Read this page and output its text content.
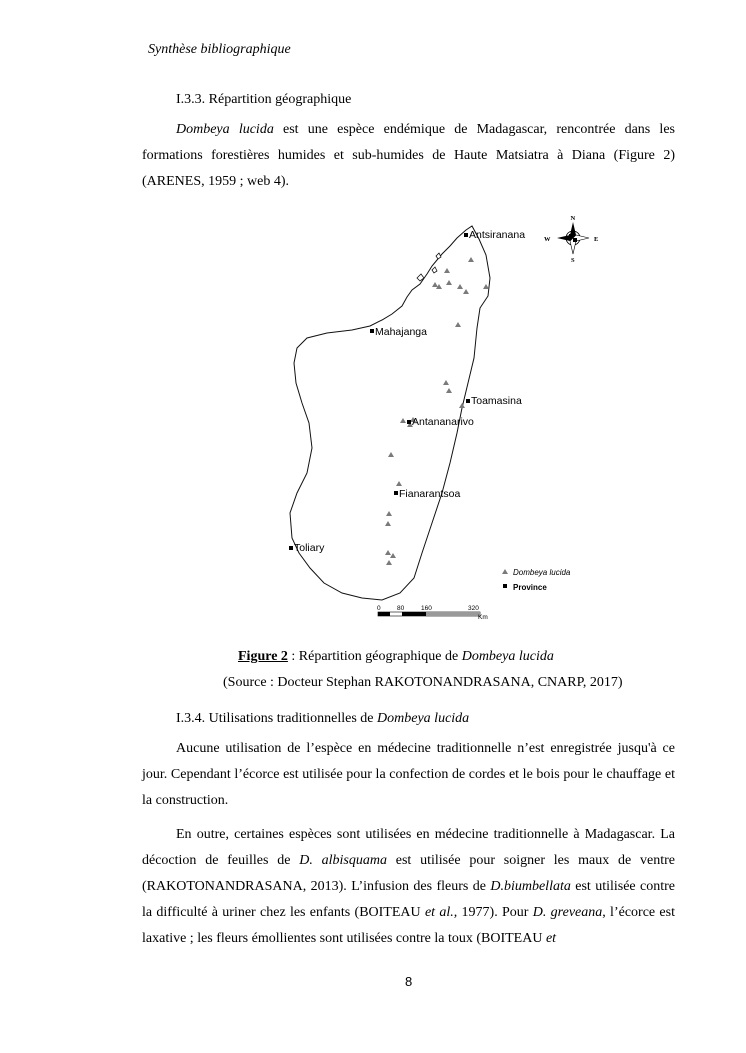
Synthèse bibliographique
I.3.3. Répartition géographique

Dombeya lucida est une espèce endémique de Madagascar, rencontrée dans les formations forestières humides et sub-humides de Haute Matsiatra à Diana (Figure 2) (ARENES, 1959 ; web 4).

Antsiranana
Mahajanga
Toamasina
Antananarivo
Fianarantsoa
Toliary
N
S
E
W
Dombeya lucida
Province
0	80	160	320
Km
Figure 2 : Répartition géographique de Dombeya lucida
(Source : Docteur Stephan RAKOTONANDRASANA, CNARP, 2017)
I.3.4. Utilisations traditionnelles de Dombeya lucida

Aucune utilisation de l’espèce en médecine traditionnelle n’est enregistrée jusqu'à ce jour. Cependant l’écorce est utilisée pour la confection de cordes et le bois pour le chauffage et la construction.

En outre, certaines espèces sont utilisées en médecine traditionnelle à Madagascar. La décoction de feuilles de D. albisquama est utilisée pour soigner les maux de ventre (RAKOTONANDRASANA, 2013). L’infusion des fleurs de D.biumbellata est utilisée contre la difficulté à uriner chez les enfants (BOITEAU et al., 1977). Pour D. greveana, l’écorce est laxative ; les fleurs émollientes sont utilisées contre la toux (BOITEAU et

8
